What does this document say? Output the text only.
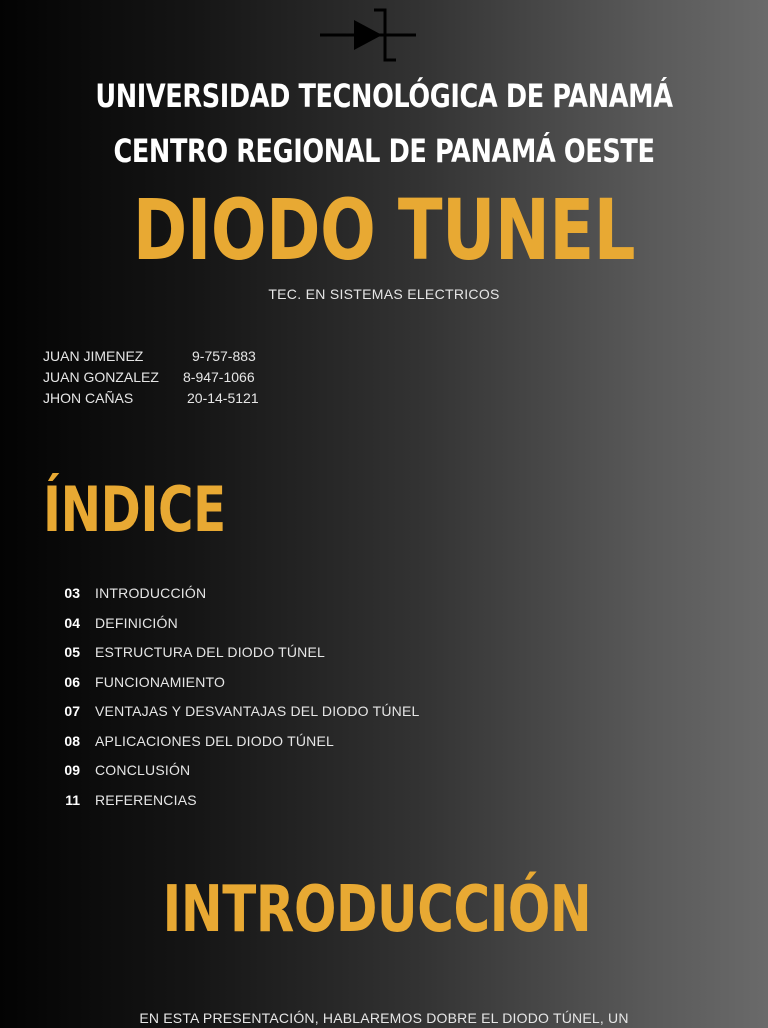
UNIVERSIDAD TECNOLÓGICA DE PANAMÁ
CENTRO REGIONAL DE PANAMÁ OESTE
DIODO TUNEL
TEC. EN SISTEMAS ELECTRICOS
JUAN JIMENEZ	9-757-883
JUAN GONZALEZ 8-947-1066
JHON CAÑAS	20-14-5121
ÍNDICE
03 INTRODUCCIÓN
04 DEFINICIÓN
05 ESTRUCTURA DEL DIODO TÚNEL
06 FUNCIONAMIENTO
07 VENTAJAS Y DESVANTAJAS DEL DIODO TÚNEL
08 APLICACIONES DEL DIODO TÚNEL
09 CONCLUSIÓN
11 REFERENCIAS
INTRODUCCIÓN
EN ESTA PRESENTACIÓN, HABLAREMOS DOBRE EL DIODO TÚNEL, UN
